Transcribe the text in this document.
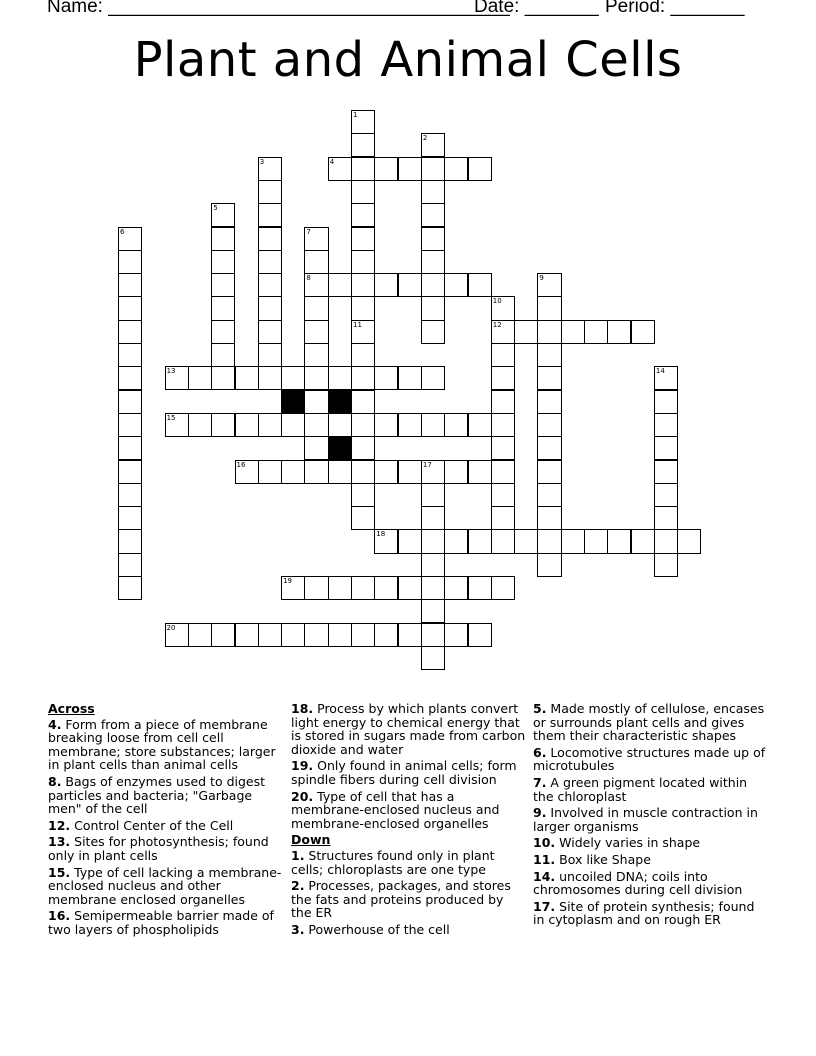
Name: ______________________________________
Date: _______ Period: _______
Plant and Animal Cells
1
2
3	4
5
6	7
8	9
10
12
11
13	14
15
16	17
18
19
20
Across
4. Form from a piece of membrane breaking loose from cell cell membrane; store substances; larger in plant cells than animal cells
8. Bags of enzymes used to digest particles and bacteria; "Garbage men" of the cell
12. Control Center of the Cell
13. Sites for photosynthesis; found only in plant cells
15. Type of cell lacking a membrane-enclosed nucleus and other membrane enclosed organelles
16. Semipermeable barrier made of two layers of phospholipids
18. Process by which plants convert light energy to chemical energy that is stored in sugars made from carbon dioxide and water
19. Only found in animal cells; form spindle fibers during cell division
20. Type of cell that has a membrane-enclosed nucleus and membrane-enclosed organelles
Down
1. Structures found only in plant cells; chloroplasts are one type
2. Processes, packages, and stores the fats and proteins produced by the ER
3. Powerhouse of the cell
5. Made mostly of cellulose, encases or surrounds plant cells and gives them their characteristic shapes
6. Locomotive structures made up of microtubules
7. A green pigment located within the chloroplast
9. Involved in muscle contraction in larger organisms
10. Widely varies in shape
11. Box like Shape
14. uncoiled DNA; coils into chromosomes during cell division
17. Site of protein synthesis; found in cytoplasm and on rough ER
